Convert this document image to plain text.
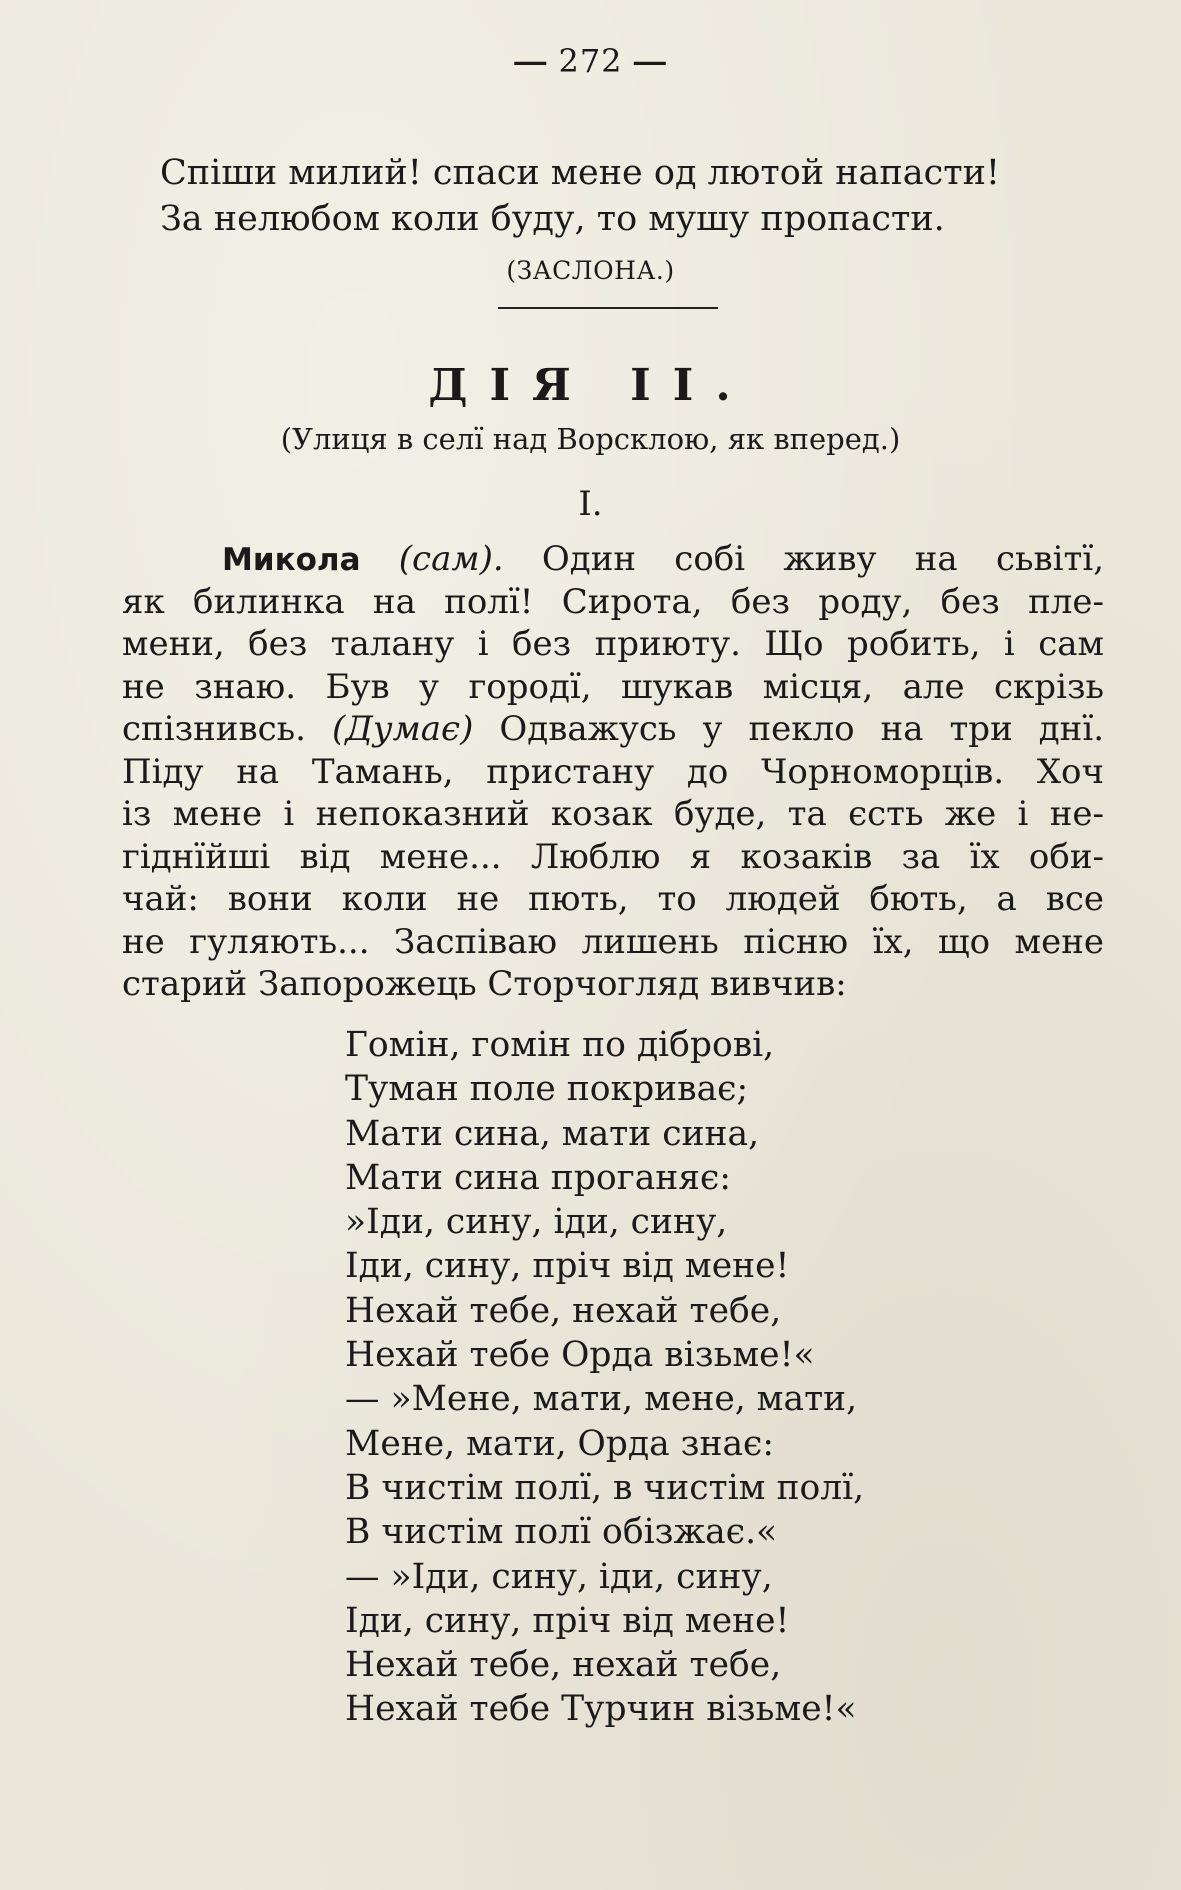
— 272 —
Спіши милий! спаси мене од лютой напасти!
За нелюбом коли буду, то мушу пропасти.
(ЗАСЛОНА.)
ДІЯ II.
(Улиця в селї над Ворсклою, як вперед.)
I.
Микола (сам). Один собі живу на сьвітї,
як билинка на полї! Сирота, без роду, без пле-
мени, без талану і без приюту. Що робить, і сам
не знаю. Був у городї, шукав місця, але скрізь
спізнивсь. (Думає) Одважусь у пекло на три днї.
Піду на Тамань, пристану до Чорноморців. Хоч
із мене і непоказний козак буде, та єсть же і не-
гіднїйші від мене... Люблю я козаків за їх оби-
чай: вони коли не пють, то людей бють, а все
не гуляють... Заспіваю лишень пісню їх, що мене
старий Запорожець Сторчогляд вивчив:
Гомін, гомін по діброві,
Туман поле покриває;
Мати сина, мати сина,
Мати сина проганяє:
»Іди, сину, іди, сину,
Іди, сину, пріч від мене!
Нехай тебе, нехай тебе,
Нехай тебе Орда візьме!«
— »Мене, мати, мене, мати,
Мене, мати, Орда знає:
В чистім полї, в чистім полї,
В чистім полї обізжає.«
— »Іди, сину, іди, сину,
Іди, сину, пріч від мене!
Нехай тебе, нехай тебе,
Нехай тебе Турчин візьме!«
